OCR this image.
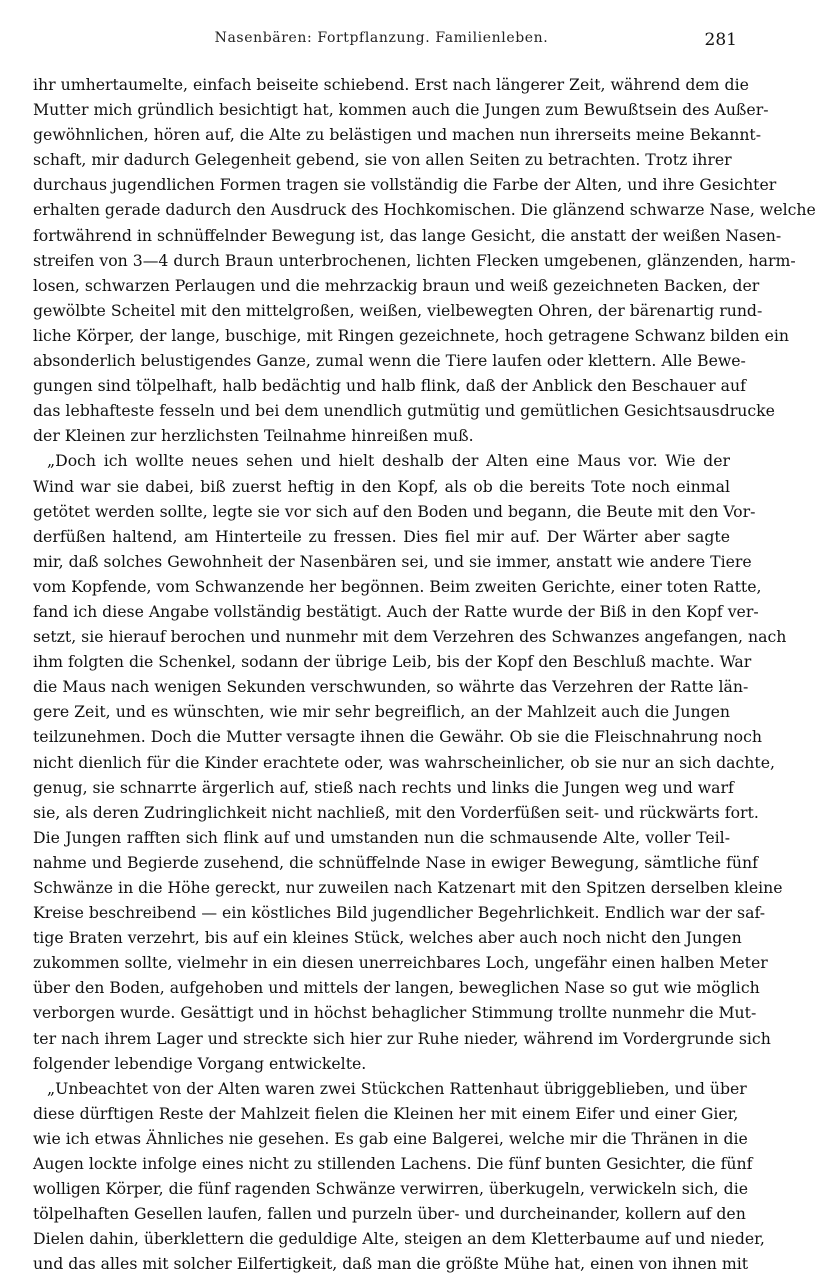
Nasenbären: Fortpflanzung. Familienleben.	281
ihr umhertaumelte, einfach beiseite schiebend. Erst nach längerer Zeit, während dem die
Mutter mich gründlich besichtigt hat, kommen auch die Jungen zum Bewußtsein des Außer-
gewöhnlichen, hören auf, die Alte zu belästigen und machen nun ihrerseits meine Bekannt-
schaft, mir dadurch Gelegenheit gebend, sie von allen Seiten zu betrachten. Trotz ihrer
durchaus jugendlichen Formen tragen sie vollständig die Farbe der Alten, und ihre Gesichter
erhalten gerade dadurch den Ausdruck des Hochkomischen. Die glänzend schwarze Nase, welche
fortwährend in schnüffelnder Bewegung ist, das lange Gesicht, die anstatt der weißen Nasen-
streifen von 3—4 durch Braun unterbrochenen, lichten Flecken umgebenen, glänzenden, harm-
losen, schwarzen Perlaugen und die mehrzackig braun und weiß gezeichneten Backen, der
gewölbte Scheitel mit den mittelgroßen, weißen, vielbewegten Ohren, der bärenartig rund-
liche Körper, der lange, buschige, mit Ringen gezeichnete, hoch getragene Schwanz bilden ein
absonderlich belustigendes Ganze, zumal wenn die Tiere laufen oder klettern. Alle Bewe-
gungen sind tölpelhaft, halb bedächtig und halb flink, daß der Anblick den Beschauer auf
das lebhafteste fesseln und bei dem unendlich gutmütig und gemütlichen Gesichtsausdrucke
der Kleinen zur herzlichsten Teilnahme hinreißen muß.
„Doch ich wollte neues sehen und hielt deshalb der Alten eine Maus vor. Wie der
Wind war sie dabei, biß zuerst heftig in den Kopf, als ob die bereits Tote noch einmal
getötet werden sollte, legte sie vor sich auf den Boden und begann, die Beute mit den Vor-
derfüßen haltend, am Hinterteile zu fressen. Dies fiel mir auf. Der Wärter aber sagte
mir, daß solches Gewohnheit der Nasenbären sei, und sie immer, anstatt wie andere Tiere
vom Kopfende, vom Schwanzende her begönnen. Beim zweiten Gerichte, einer toten Ratte,
fand ich diese Angabe vollständig bestätigt. Auch der Ratte wurde der Biß in den Kopf ver-
setzt, sie hierauf berochen und nunmehr mit dem Verzehren des Schwanzes angefangen, nach
ihm folgten die Schenkel, sodann der übrige Leib, bis der Kopf den Beschluß machte. War
die Maus nach wenigen Sekunden verschwunden, so währte das Verzehren der Ratte län-
gere Zeit, und es wünschten, wie mir sehr begreiflich, an der Mahlzeit auch die Jungen
teilzunehmen. Doch die Mutter versagte ihnen die Gewähr. Ob sie die Fleischnahrung noch
nicht dienlich für die Kinder erachtete oder, was wahrscheinlicher, ob sie nur an sich dachte,
genug, sie schnarrte ärgerlich auf, stieß nach rechts und links die Jungen weg und warf
sie, als deren Zudringlichkeit nicht nachließ, mit den Vorderfüßen seit- und rückwärts fort.
Die Jungen rafften sich flink auf und umstanden nun die schmausende Alte, voller Teil-
nahme und Begierde zusehend, die schnüffelnde Nase in ewiger Bewegung, sämtliche fünf
Schwänze in die Höhe gereckt, nur zuweilen nach Katzenart mit den Spitzen derselben kleine
Kreise beschreibend — ein köstliches Bild jugendlicher Begehrlichkeit. Endlich war der saf-
tige Braten verzehrt, bis auf ein kleines Stück, welches aber auch noch nicht den Jungen
zukommen sollte, vielmehr in ein diesen unerreichbares Loch, ungefähr einen halben Meter
über den Boden, aufgehoben und mittels der langen, beweglichen Nase so gut wie möglich
verborgen wurde. Gesättigt und in höchst behaglicher Stimmung trollte nunmehr die Mut-
ter nach ihrem Lager und streckte sich hier zur Ruhe nieder, während im Vordergrunde sich
folgender lebendige Vorgang entwickelte.
„Unbeachtet von der Alten waren zwei Stückchen Rattenhaut übriggeblieben, und über
diese dürftigen Reste der Mahlzeit fielen die Kleinen her mit einem Eifer und einer Gier,
wie ich etwas Ähnliches nie gesehen. Es gab eine Balgerei, welche mir die Thränen in die
Augen lockte infolge eines nicht zu stillenden Lachens. Die fünf bunten Gesichter, die fünf
wolligen Körper, die fünf ragenden Schwänze verwirren, überkugeln, verwickeln sich, die
tölpelhaften Gesellen laufen, fallen und purzeln über- und durcheinander, kollern auf den
Dielen dahin, überklettern die geduldige Alte, steigen an dem Kletterbaume auf und nieder,
und das alles mit solcher Eilfertigkeit, daß man die größte Mühe hat, einen von ihnen mit
